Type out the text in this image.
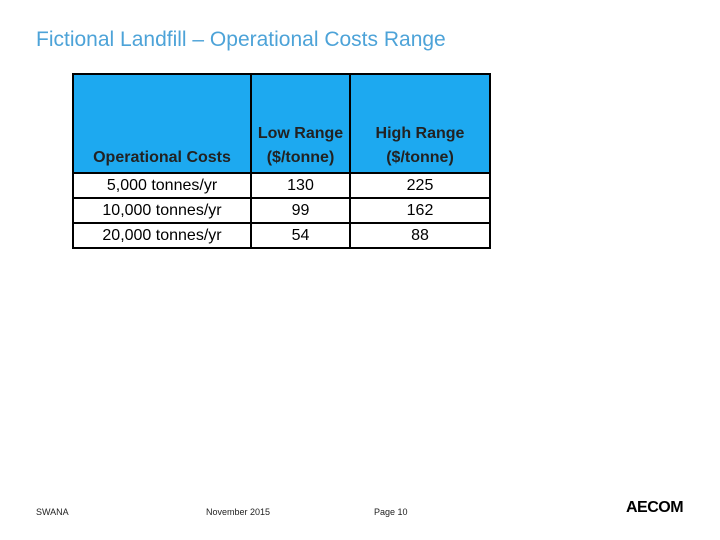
Fictional Landfill – Operational Costs Range
Operational Costs	Low Range ($/tonne)	High Range ($/tonne)
5,000 tonnes/yr	130	225
10,000 tonnes/yr	99	162
20,000 tonnes/yr	54	88
SWANA	November 2015	Page 10	AECOM
